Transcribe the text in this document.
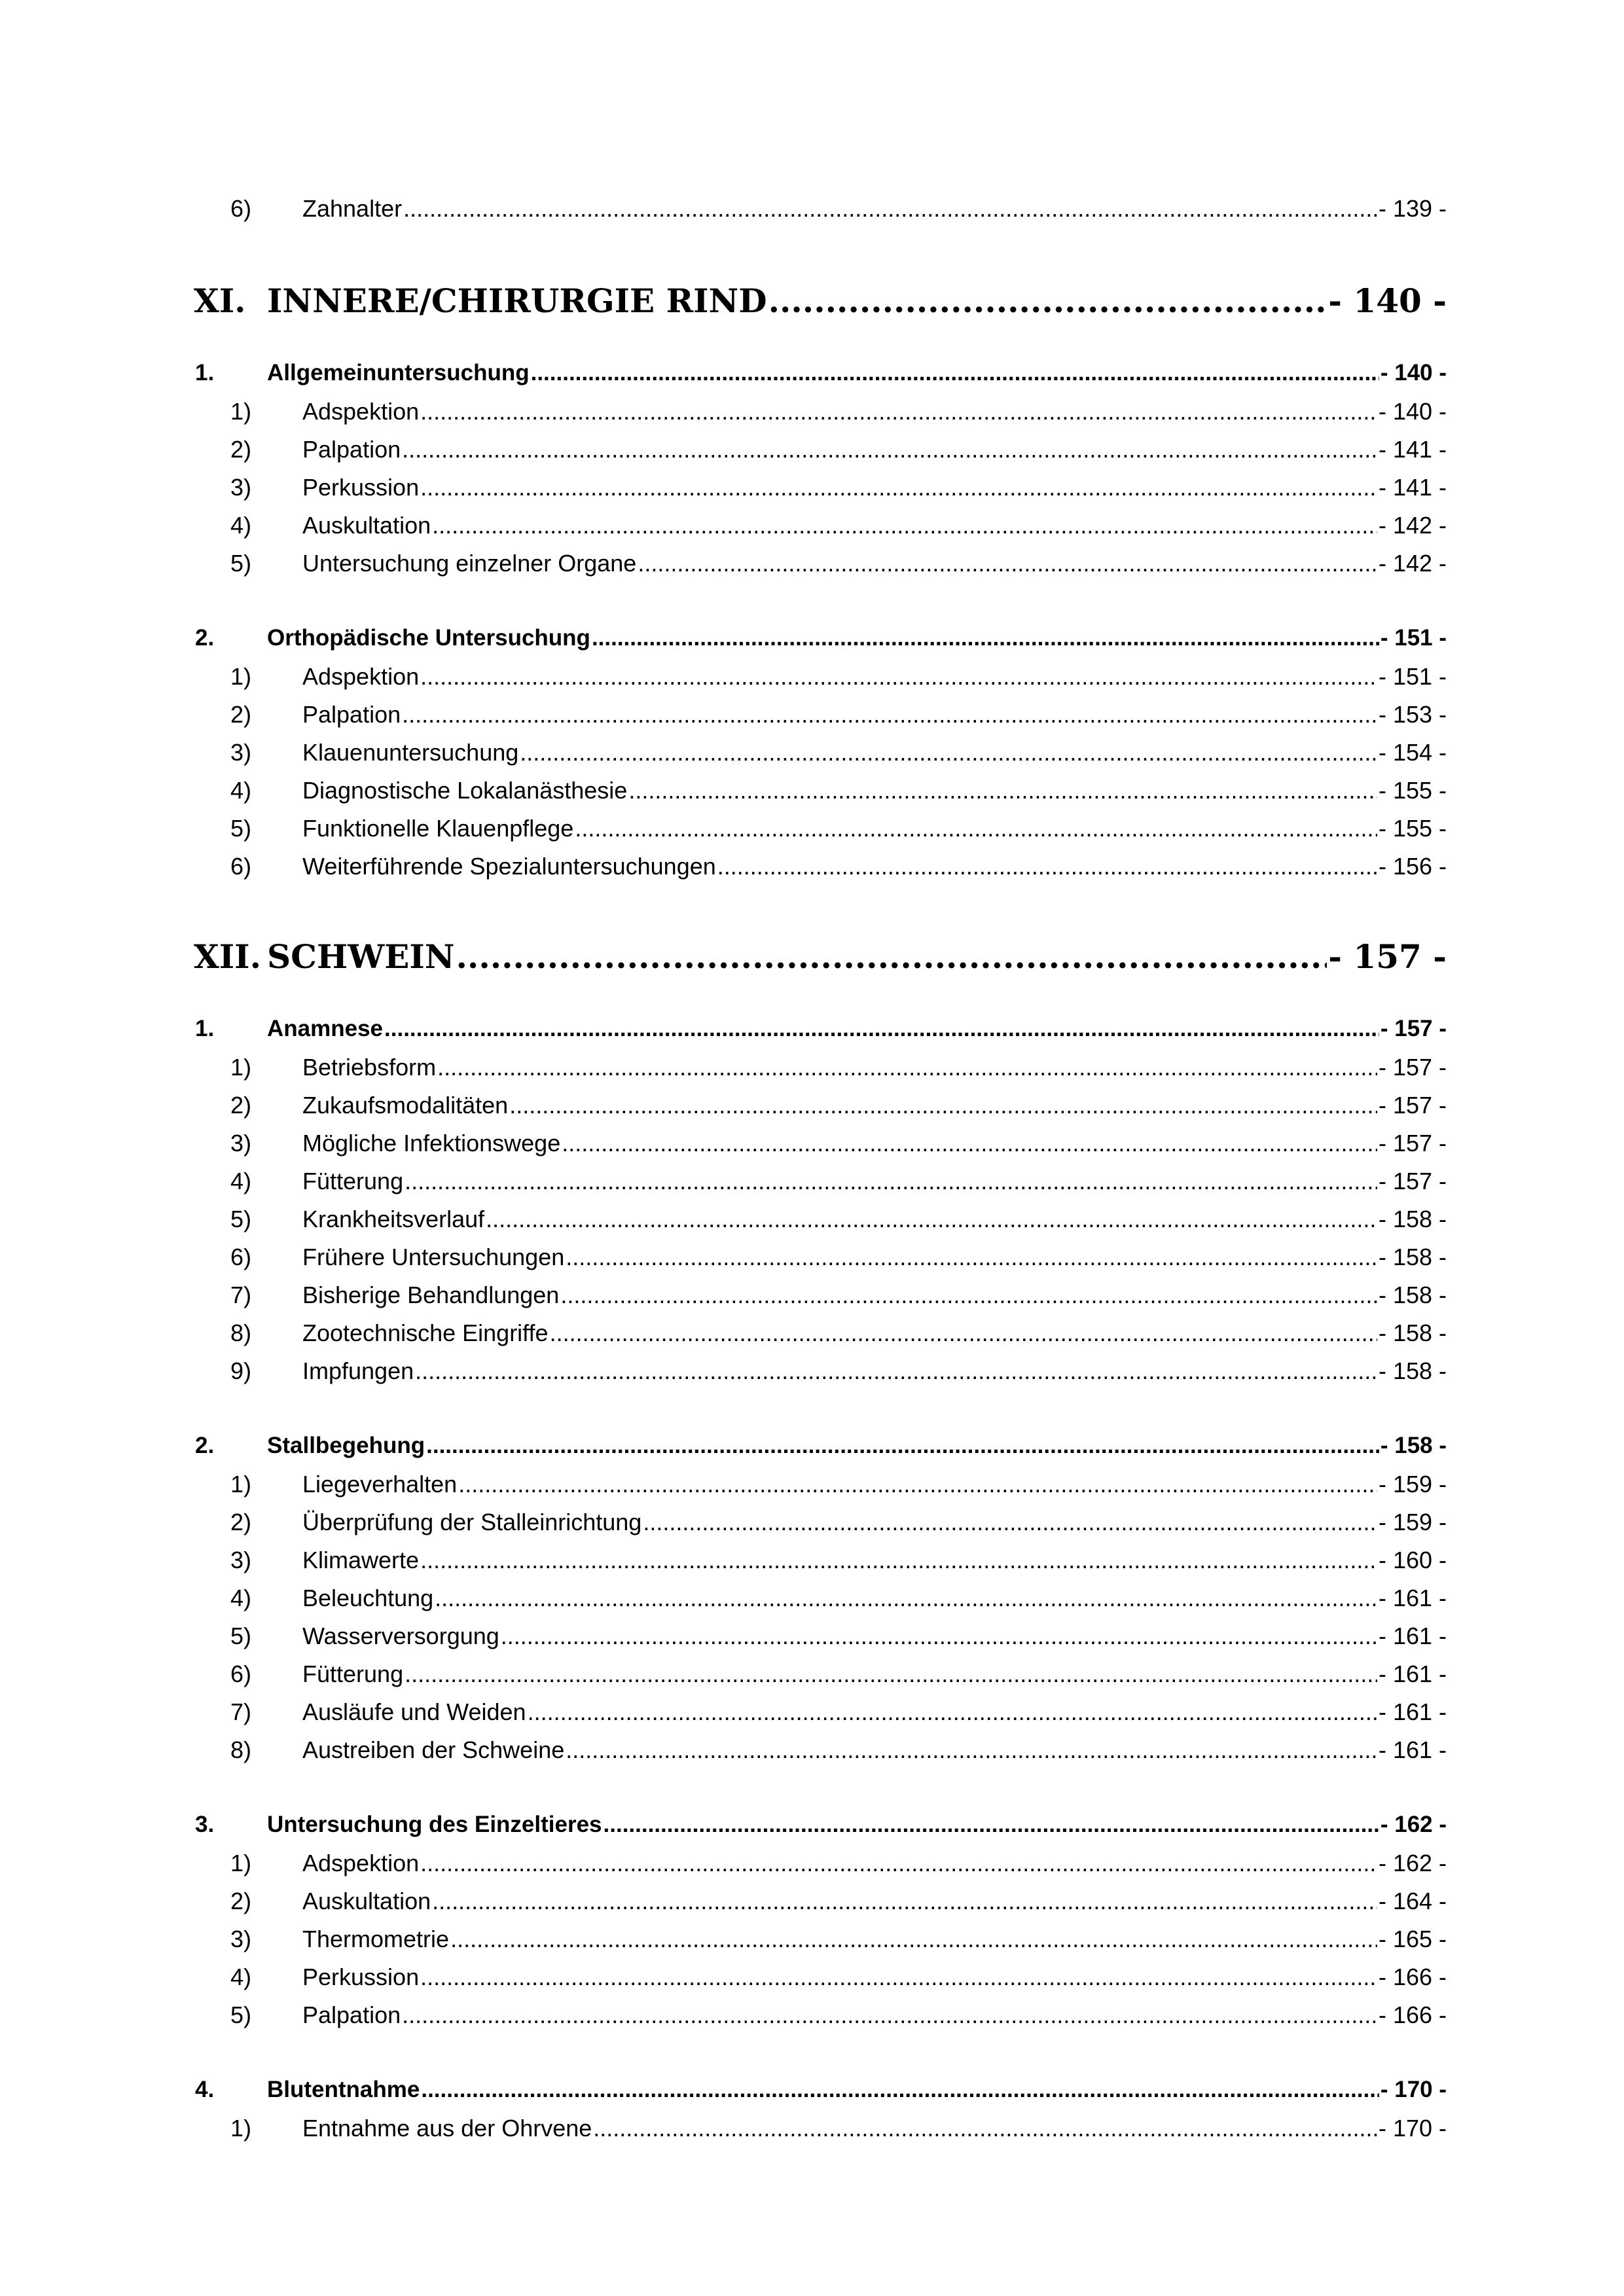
6)	Zahnalter .....	- 139 -
XI. INNERE/CHIRURGIE RIND .....	- 140 -
1.	Allgemeinuntersuchung .....	- 140 -
1)	Adspektion .....	- 140 -
2)	Palpation .....	- 141 -
3)	Perkussion .....	- 141 -
4)	Auskultation .....	- 142 -
5)	Untersuchung einzelner Organe .....	- 142 -
2.	Orthopädische Untersuchung .....	- 151 -
1)	Adspektion .....	- 151 -
2)	Palpation .....	- 153 -
3)	Klauenuntersuchung .....	- 154 -
4)	Diagnostische Lokalanästhesie .....	- 155 -
5)	Funktionelle Klauenpflege .....	- 155 -
6)	Weiterführende Spezialuntersuchungen .....	- 156 -
XII. SCHWEIN .....	- 157 -
1.	Anamnese .....	- 157 -
1)	Betriebsform .....	- 157 -
2)	Zukaufsmodalitäten .....	- 157 -
3)	Mögliche Infektionswege .....	- 157 -
4)	Fütterung .....	- 157 -
5)	Krankheitsverlauf .....	- 158 -
6)	Frühere Untersuchungen .....	- 158 -
7)	Bisherige Behandlungen .....	- 158 -
8)	Zootechnische Eingriffe .....	- 158 -
9)	Impfungen .....	- 158 -
2.	Stallbegehung .....	- 158 -
1)	Liegeverhalten .....	- 159 -
2)	Überprüfung der Stalleinrichtung .....	- 159 -
3)	Klimawerte .....	- 160 -
4)	Beleuchtung .....	- 161 -
5)	Wasserversorgung .....	- 161 -
6)	Fütterung .....	- 161 -
7)	Ausläufe und Weiden .....	- 161 -
8)	Austreiben der Schweine .....	- 161 -
3.	Untersuchung des Einzeltieres .....	- 162 -
1)	Adspektion .....	- 162 -
2)	Auskultation .....	- 164 -
3)	Thermometrie .....	- 165 -
4)	Perkussion .....	- 166 -
5)	Palpation .....	- 166 -
4.	Blutentnahme .....	- 170 -
1)	Entnahme aus der Ohrvene .....	- 170 -
